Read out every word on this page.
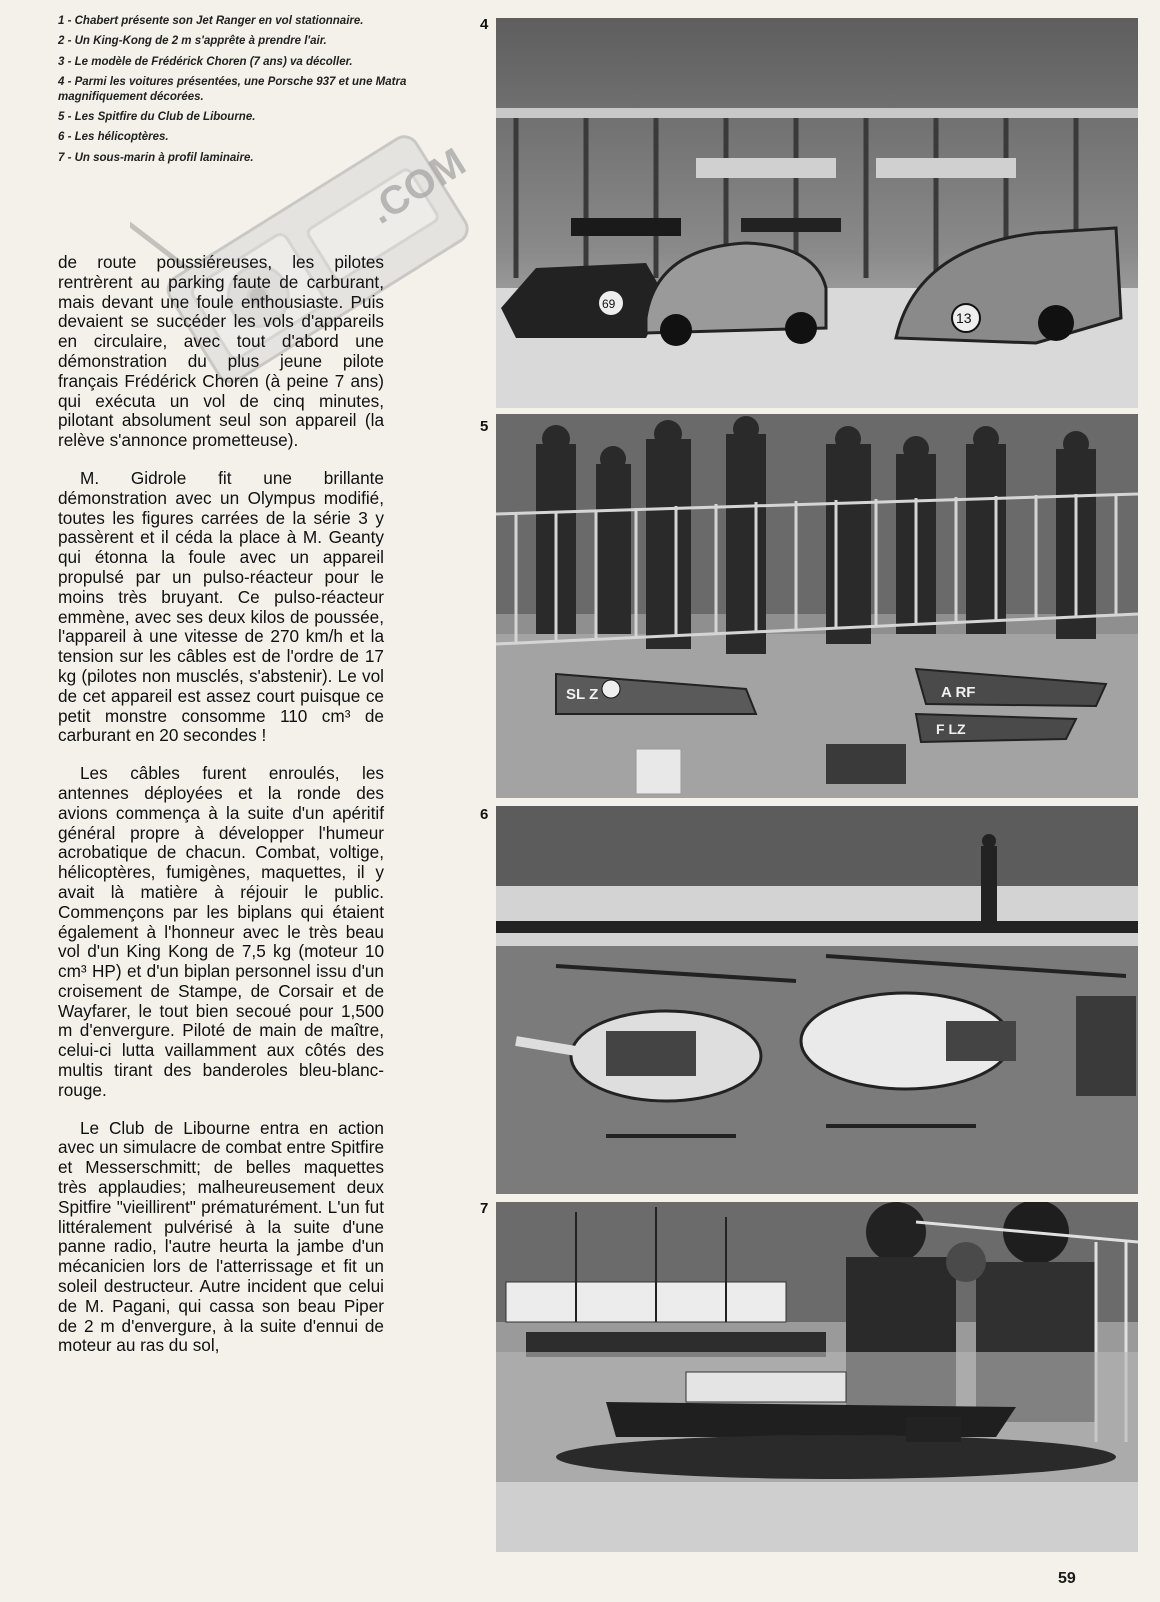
1 - Chabert présente son Jet Ranger en vol stationnaire.
2 - Un King-Kong de 2 m s'apprête à prendre l'air.
3 - Le modèle de Frédérick Choren (7 ans) va décoller.
4 - Parmi les voitures présentées, une Porsche 937 et une Matra magnifiquement décorées.
5 - Les Spitfire du Club de Libourne.
6 - Les hélicoptères.
7 - Un sous-marin à profil laminaire.	.COM

de route poussiéreuses, les pilotes rentrèrent au parking faute de carburant, mais devant une foule enthousiaste. Puis devaient se succéder les vols d'appareils en circulaire, avec tout d'abord une démonstration du plus jeune pilote français Frédérick Choren (à peine 7 ans) qui exécuta un vol de cinq minutes, pilotant absolument seul son appareil (la relève s'annonce prometteuse).

M. Gidrole fit une brillante démonstration avec un Olympus modifié, toutes les figures carrées de la série 3 y passèrent et il céda la place à M. Geanty qui étonna la foule avec un appareil propulsé par un pulso-réacteur pour le moins très bruyant. Ce pulso-réacteur emmène, avec ses deux kilos de poussée, l'appareil à une vitesse de 270 km/h et la tension sur les câbles est de l'ordre de 17 kg (pilotes non musclés, s'abstenir). Le vol de cet appareil est assez court puisque ce petit monstre consomme 110 cm³ de carburant en 20 secondes !

Les câbles furent enroulés, les antennes déployées et la ronde des avions commença à la suite d'un apéritif général propre à développer l'humeur acrobatique de chacun. Combat, voltige, hélicoptères, fumigènes, maquettes, il y avait là matière à réjouir le public. Commençons par les biplans qui étaient également à l'honneur avec le très beau vol d'un King Kong de 7,5 kg (moteur 10 cm³ HP) et d'un biplan personnel issu d'un croisement de Stampe, de Corsair et de Wayfarer, le tout bien secoué pour 1,500 m d'envergure. Piloté de main de maître, celui-ci lutta vaillamment aux côtés des multis tirant des banderoles bleu-blanc-rouge.

Le Club de Libourne entra en action avec un simulacre de combat entre Spitfire et Messerschmitt; de belles maquettes très applaudies; malheureusement deux Spitfire "vieillirent" prématurément. L'un fut littéralement pulvérisé à la suite d'une panne radio, l'autre heurta la jambe d'un mécanicien lors de l'atterrissage et fit un soleil destructeur. Autre incident que celui de M. Pagani, qui cassa son beau Piper de 2 m d'envergure, à la suite d'ennui de moteur au ras du sol,

4
69
13
5
SL Z	A RF
F LZ
6
7
59
